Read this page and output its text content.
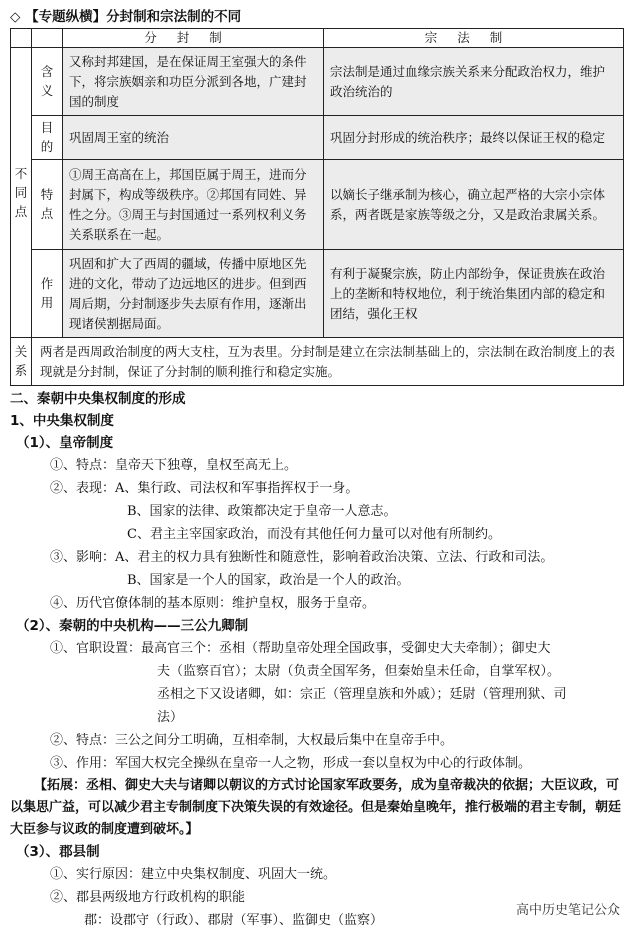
◇ 【专题纵横】分封制和宗法制的不同
		分封制	宗法制
不同点	含义	又称封邦建国，是在保证周王室强大的条件下，将宗族姻亲和功臣分派到各地，广建封国的制度	宗法制是通过血缘宗族关系来分配政治权力，维护政治统治的
	目的	巩固周王室的统治	巩固分封形成的统治秩序；最终以保证王权的稳定
	特点	①周王高高在上，邦国臣属于周王，进而分封属下，构成等级秩序。②邦国有同姓、异性之分。③周王与封国通过一系列权利义务关系联系在一起。	以嫡长子继承制为核心，确立起严格的大宗小宗体系，两者既是家族等级之分，又是政治隶属关系。
	作用	巩固和扩大了西周的疆域，传播中原地区先进的文化，带动了边远地区的进步。但到西周后期，分封制逐步失去原有作用，逐渐出现诸侯割据局面。	有利于凝聚宗族，防止内部纷争，保证贵族在政治上的垄断和特权地位，利于统治集团内部的稳定和团结，强化王权
关系	两者是西周政治制度的两大支柱，互为表里。分封制是建立在宗法制基础上的，宗法制在政治制度上的表现就是分封制，保证了分封制的顺利推行和稳定实施。		
二、秦朝中央集权制度的形成
1、中央集权制度
（1）、皇帝制度
①、特点：皇帝天下独尊，皇权至高无上。
②、表现：A、集行政、司法权和军事指挥权于一身。
B、国家的法律、政策都决定于皇帝一人意志。
C、君主主宰国家政治，而没有其他任何力量可以对他有所制约。
③、影响：A、君主的权力具有独断性和随意性，影响着政治决策、立法、行政和司法。
B、国家是一个人的国家，政治是一个人的政治。
④、历代官僚体制的基本原则：维护皇权，服务于皇帝。
（2）、秦朝的中央机构——三公九卿制
①、官职设置：最高官三个：丞相（帮助皇帝处理全国政事，受御史大夫牵制）；御史大
夫（监察百官）；太尉（负责全国军务，但秦始皇未任命，自掌军权）。
丞相之下又设诸卿，如：宗正（管理皇族和外戚）；廷尉（管理刑狱、司
法）
②、特点：三公之间分工明确，互相牵制，大权最后集中在皇帝手中。
③、作用：军国大权完全操纵在皇帝一人之物，形成一套以皇权为中心的行政体制。
【拓展：丞相、御史大夫与诸卿以朝议的方式讨论国家军政要务，成为皇帝裁决的依据；大臣议政，可以集思广益，可以减少君主专制制度下决策失误的有效途径。但是秦始皇晚年，推行极端的君主专制，朝廷大臣参与议政的制度遭到破坏。】
（3）、郡县制
①、实行原因：建立中央集权制度、巩固大一统。
②、郡县两级地方行政机构的职能
郡：设郡守（行政）、郡尉（军事）、监御史（监察）
高中历史笔记公众
